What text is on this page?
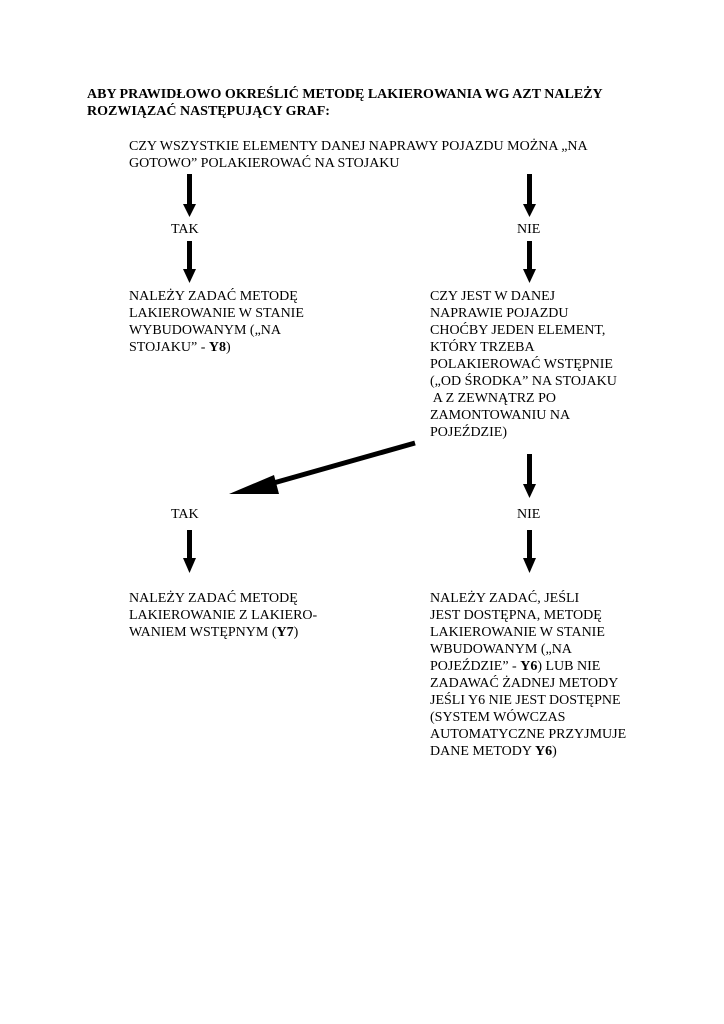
ABY PRAWIDŁOWO OKREŚLIĆ METODĘ LAKIEROWANIA WG AZT NALEŻY
ROZWIĄZAĆ NASTĘPUJĄCY GRAF:
CZY WSZYSTKIE ELEMENTY DANEJ NAPRAWY POJAZDU MOŻNA „NA
GOTOWO” POLAKIEROWAĆ NA STOJAKU
TAK	NIE
NALEŻY ZADAĆ METODĘ
LAKIEROWANIE W STANIE
WYBUDOWANYM („NA
STOJAKU” - Y8)
CZY JEST W DANEJ
NAPRAWIE POJAZDU
CHOĆBY JEDEN ELEMENT,
KTÓRY TRZEBA
POLAKIEROWAĆ WSTĘPNIE
(„OD ŚRODKA” NA STOJAKU
A Z ZEWNĄTRZ PO
ZAMONTOWANIU NA
POJEŹDZIE)
TAK	NIE
NALEŻY ZADAĆ METODĘ
LAKIEROWANIE Z LAKIERO-
WANIEM WSTĘPNYM (Y7)
NALEŻY ZADAĆ, JEŚLI
JEST DOSTĘPNA, METODĘ
LAKIEROWANIE W STANIE
WBUDOWANYM („NA
POJEŹDZIE” - Y6) LUB NIE
ZADAWAĆ ŻADNEJ METODY
JEŚLI Y6 NIE JEST DOSTĘPNE
(SYSTEM WÓWCZAS
AUTOMATYCZNE PRZYJMUJE
DANE METODY Y6)
